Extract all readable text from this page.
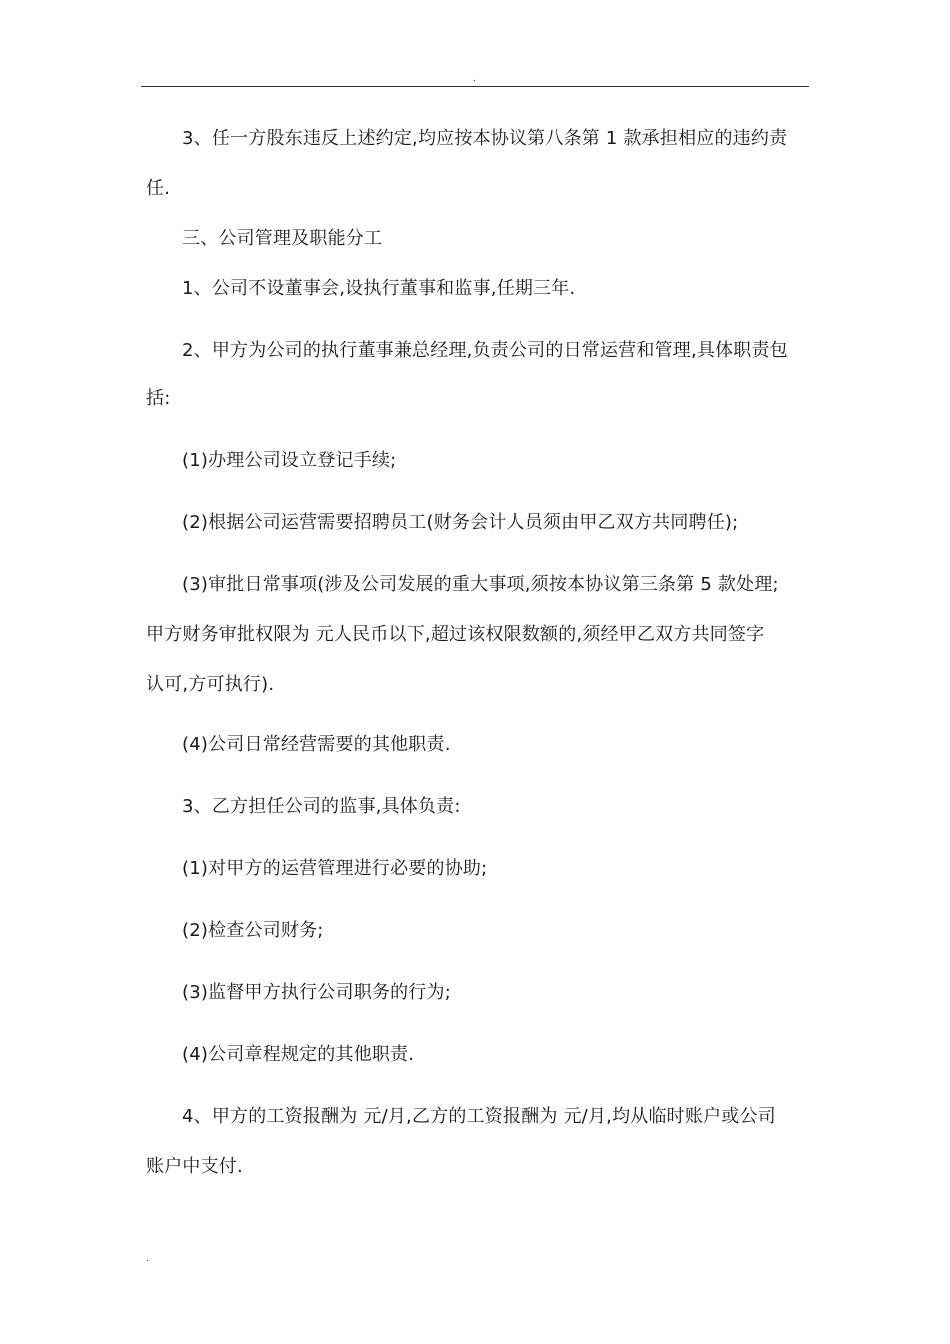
.
3、任一方股东违反上述约定,均应按本协议第八条第 1 款承担相应的违约责
任.
三、公司管理及职能分工
1、公司不设董事会,设执行董事和监事,任期三年.
2、甲方为公司的执行董事兼总经理,负责公司的日常运营和管理,具体职责包
括:
(1)办理公司设立登记手续;
(2)根据公司运营需要招聘员工(财务会计人员须由甲乙双方共同聘任);
(3)审批日常事项(涉及公司发展的重大事项,须按本协议第三条第 5 款处理;
甲方财务审批权限为 元人民币以下,超过该权限数额的,须经甲乙双方共同签字
认可,方可执行).
(4)公司日常经营需要的其他职责.
3、乙方担任公司的监事,具体负责:
(1)对甲方的运营管理进行必要的协助;
(2)检查公司财务;
(3)监督甲方执行公司职务的行为;
(4)公司章程规定的其他职责.
4、甲方的工资报酬为 元/月,乙方的工资报酬为 元/月,均从临时账户或公司
账户中支付.
.
